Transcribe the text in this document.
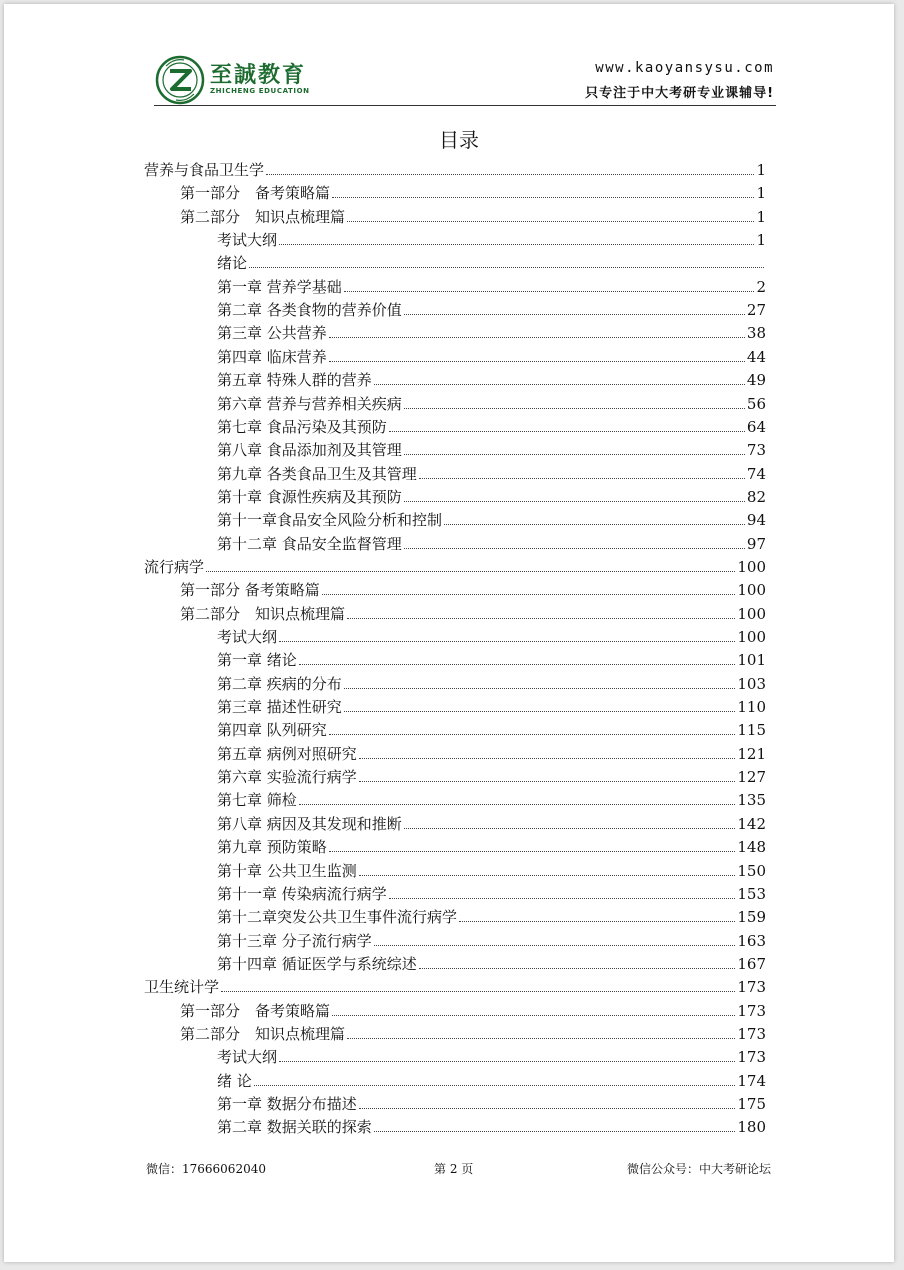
至誠教育
ZHICHENG EDUCATION
www.kaoyansysu.com
只专注于中大考研专业课辅导!
目录
营养与食品卫生学	1
第一部分　备考策略篇	1
第二部分　知识点梳理篇	1
考试大纲	1
绪论
第一章 营养学基础	2
第二章 各类食物的营养价值	27
第三章 公共营养	38
第四章 临床营养	44
第五章 特殊人群的营养	49
第六章 营养与营养相关疾病	56
第七章 食品污染及其预防	64
第八章 食品添加剂及其管理	73
第九章 各类食品卫生及其管理	74
第十章 食源性疾病及其预防	82
第十一章食品安全风险分析和控制	94
第十二章 食品安全监督管理	97
流行病学	100
第一部分 备考策略篇	100
第二部分　知识点梳理篇	100
考试大纲	100
第一章 绪论	101
第二章 疾病的分布	103
第三章 描述性研究	110
第四章 队列研究	115
第五章 病例对照研究	121
第六章 实验流行病学	127
第七章 筛检	135
第八章 病因及其发现和推断	142
第九章 预防策略	148
第十章 公共卫生监测	150
第十一章 传染病流行病学	153
第十二章突发公共卫生事件流行病学	159
第十三章 分子流行病学	163
第十四章 循证医学与系统综述	167
卫生统计学	173
第一部分　备考策略篇	173
第二部分　知识点梳理篇	173
考试大纲	173
绪 论	174
第一章 数据分布描述	175
第二章 数据关联的探索	180
微信：17666062040	第 2 页	微信公众号：中大考研论坛
